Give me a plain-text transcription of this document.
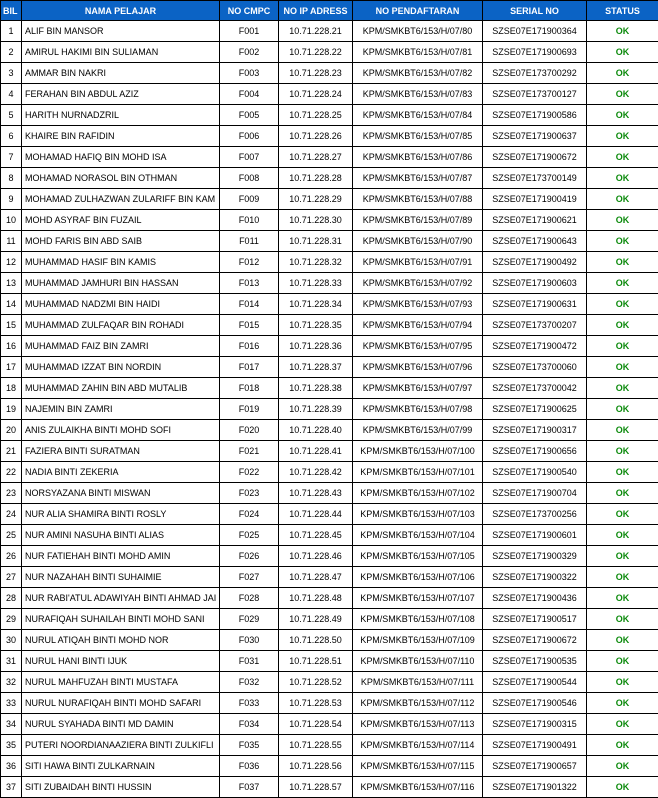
BIL	NAMA PELAJAR	NO CMPC	NO IP ADRESS	NO PENDAFTARAN	SERIAL NO	STATUS
1	ALIF BIN MANSOR	F001	10.71.228.21	KPM/SMKBT6/153/H/07/80	SZSE07E171900364	OK
2	AMIRUL HAKIMI BIN SULIAMAN	F002	10.71.228.22	KPM/SMKBT6/153/H/07/81	SZSE07E171900693	OK
3	AMMAR BIN NAKRI	F003	10.71.228.23	KPM/SMKBT6/153/H/07/82	SZSE07E173700292	OK
4	FERAHAN BIN ABDUL AZIZ	F004	10.71.228.24	KPM/SMKBT6/153/H/07/83	SZSE07E173700127	OK
5	HARITH NURNADZRIL	F005	10.71.228.25	KPM/SMKBT6/153/H/07/84	SZSE07E171900586	OK
6	KHAIRE BIN RAFIDIN	F006	10.71.228.26	KPM/SMKBT6/153/H/07/85	SZSE07E171900637	OK
7	MOHAMAD HAFIQ BIN MOHD ISA	F007	10.71.228.27	KPM/SMKBT6/153/H/07/86	SZSE07E171900672	OK
8	MOHAMAD NORASOL BIN OTHMAN	F008	10.71.228.28	KPM/SMKBT6/153/H/07/87	SZSE07E173700149	OK
9	MOHAMAD ZULHAZWAN ZULARIFF BIN KAM	F009	10.71.228.29	KPM/SMKBT6/153/H/07/88	SZSE07E171900419	OK
10	MOHD ASYRAF BIN FUZAIL	F010	10.71.228.30	KPM/SMKBT6/153/H/07/89	SZSE07E171900621	OK
11	MOHD FARIS BIN ABD SAIB	F011	10.71.228.31	KPM/SMKBT6/153/H/07/90	SZSE07E171900643	OK
12	MUHAMMAD HASIF BIN KAMIS	F012	10.71.228.32	KPM/SMKBT6/153/H/07/91	SZSE07E171900492	OK
13	MUHAMMAD JAMHURI BIN HASSAN	F013	10.71.228.33	KPM/SMKBT6/153/H/07/92	SZSE07E171900603	OK
14	MUHAMMAD NADZMI BIN HAIDI	F014	10.71.228.34	KPM/SMKBT6/153/H/07/93	SZSE07E171900631	OK
15	MUHAMMAD ZULFAQAR BIN ROHADI	F015	10.71.228.35	KPM/SMKBT6/153/H/07/94	SZSE07E173700207	OK
16	MUHAMMAD FAIZ BIN ZAMRI	F016	10.71.228.36	KPM/SMKBT6/153/H/07/95	SZSE07E171900472	OK
17	MUHAMMAD IZZAT BIN NORDIN	F017	10.71.228.37	KPM/SMKBT6/153/H/07/96	SZSE07E173700060	OK
18	MUHAMMAD ZAHIN BIN ABD MUTALIB	F018	10.71.228.38	KPM/SMKBT6/153/H/07/97	SZSE07E173700042	OK
19	NAJEMIN BIN ZAMRI	F019	10.71.228.39	KPM/SMKBT6/153/H/07/98	SZSE07E171900625	OK
20	ANIS ZULAIKHA BINTI MOHD SOFI	F020	10.71.228.40	KPM/SMKBT6/153/H/07/99	SZSE07E171900317	OK
21	FAZIERA BINTI SURATMAN	F021	10.71.228.41	KPM/SMKBT6/153/H/07/100	SZSE07E171900656	OK
22	NADIA BINTI ZEKERIA	F022	10.71.228.42	KPM/SMKBT6/153/H/07/101	SZSE07E171900540	OK
23	NORSYAZANA BINTI MISWAN	F023	10.71.228.43	KPM/SMKBT6/153/H/07/102	SZSE07E171900704	OK
24	NUR ALIA SHAMIRA BINTI ROSLY	F024	10.71.228.44	KPM/SMKBT6/153/H/07/103	SZSE07E173700256	OK
25	NUR AMINI NASUHA BINTI ALIAS	F025	10.71.228.45	KPM/SMKBT6/153/H/07/104	SZSE07E171900601	OK
26	NUR FATIEHAH BINTI MOHD AMIN	F026	10.71.228.46	KPM/SMKBT6/153/H/07/105	SZSE07E171900329	OK
27	NUR NAZAHAH BINTI SUHAIMIE	F027	10.71.228.47	KPM/SMKBT6/153/H/07/106	SZSE07E171900322	OK
28	NUR RABI'ATUL ADAWIYAH BINTI AHMAD JAI	F028	10.71.228.48	KPM/SMKBT6/153/H/07/107	SZSE07E171900436	OK
29	NURAFIQAH SUHAILAH BINTI MOHD SANI	F029	10.71.228.49	KPM/SMKBT6/153/H/07/108	SZSE07E171900517	OK
30	NURUL ATIQAH BINTI MOHD NOR	F030	10.71.228.50	KPM/SMKBT6/153/H/07/109	SZSE07E171900672	OK
31	NURUL HANI BINTI IJUK	F031	10.71.228.51	KPM/SMKBT6/153/H/07/110	SZSE07E171900535	OK
32	NURUL MAHFUZAH BINTI MUSTAFA	F032	10.71.228.52	KPM/SMKBT6/153/H/07/111	SZSE07E171900544	OK
33	NURUL NURAFIQAH BINTI MOHD SAFARI	F033	10.71.228.53	KPM/SMKBT6/153/H/07/112	SZSE07E171900546	OK
34	NURUL SYAHADA BINTI MD DAMIN	F034	10.71.228.54	KPM/SMKBT6/153/H/07/113	SZSE07E171900315	OK
35	PUTERI NOORDIANAAZIERA BINTI ZULKIFLI	F035	10.71.228.55	KPM/SMKBT6/153/H/07/114	SZSE07E171900491	OK
36	SITI HAWA BINTI ZULKARNAIN	F036	10.71.228.56	KPM/SMKBT6/153/H/07/115	SZSE07E171900657	OK
37	SITI ZUBAIDAH BINTI HUSSIN	F037	10.71.228.57	KPM/SMKBT6/153/H/07/116	SZSE07E171901322	OK
